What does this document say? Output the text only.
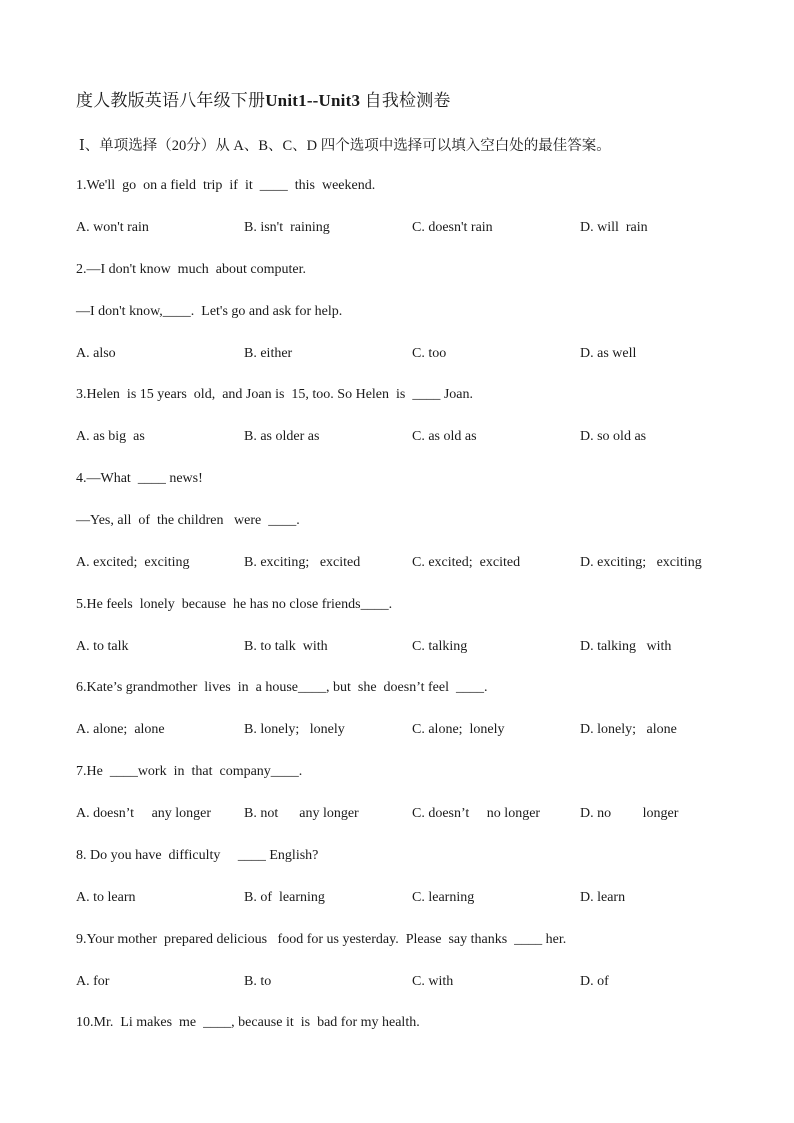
度人教版英语八年级下册Unit1--Unit3 自我检测卷
Ⅰ、单项选择（20分）从 A、B、C、D 四个选项中选择可以填入空白处的最佳答案。
1.We'll  go  on a field  trip  if  it  ____  this  weekend.
A. won't rain	B. isn't  raining	C. doesn't rain	D. will  rain
2.—I don't know  much  about computer.
—I don't know,____.  Let's go and ask for help.
A. also	B. either	C. too	D. as well
3.Helen  is 15 years  old,  and Joan is  15, too. So Helen  is  ____ Joan.
A. as big  as	B. as older as	C. as old as	D. so old as
4.—What  ____ news!
—Yes, all  of  the children   were  ____.
A. excited;  exciting	B. exciting;   excited	C. excited;  excited	D. exciting;   exciting
5.He feels  lonely  because  he has no close friends____.
A. to talk	B. to talk  with	C. talking	D. talking   with
6.Kate’s grandmother  lives  in  a house____, but  she  doesn’t feel  ____.
A. alone;  alone	B. lonely;   lonely	C. alone;  lonely	D. lonely;   alone
7.He  ____work  in  that  company____.
A. doesn’t     any longer B. not      any longer	C. doesn’t     no longer	D. no         longer
8. Do you have  difficulty     ____ English?
A. to learn	B. of  learning	C. learning	D. learn
9.Your mother  prepared delicious   food for us yesterday.  Please  say thanks  ____ her.
A. for	B. to	C. with	D. of
10.Mr.  Li makes  me  ____, because it  is  bad for my health.
